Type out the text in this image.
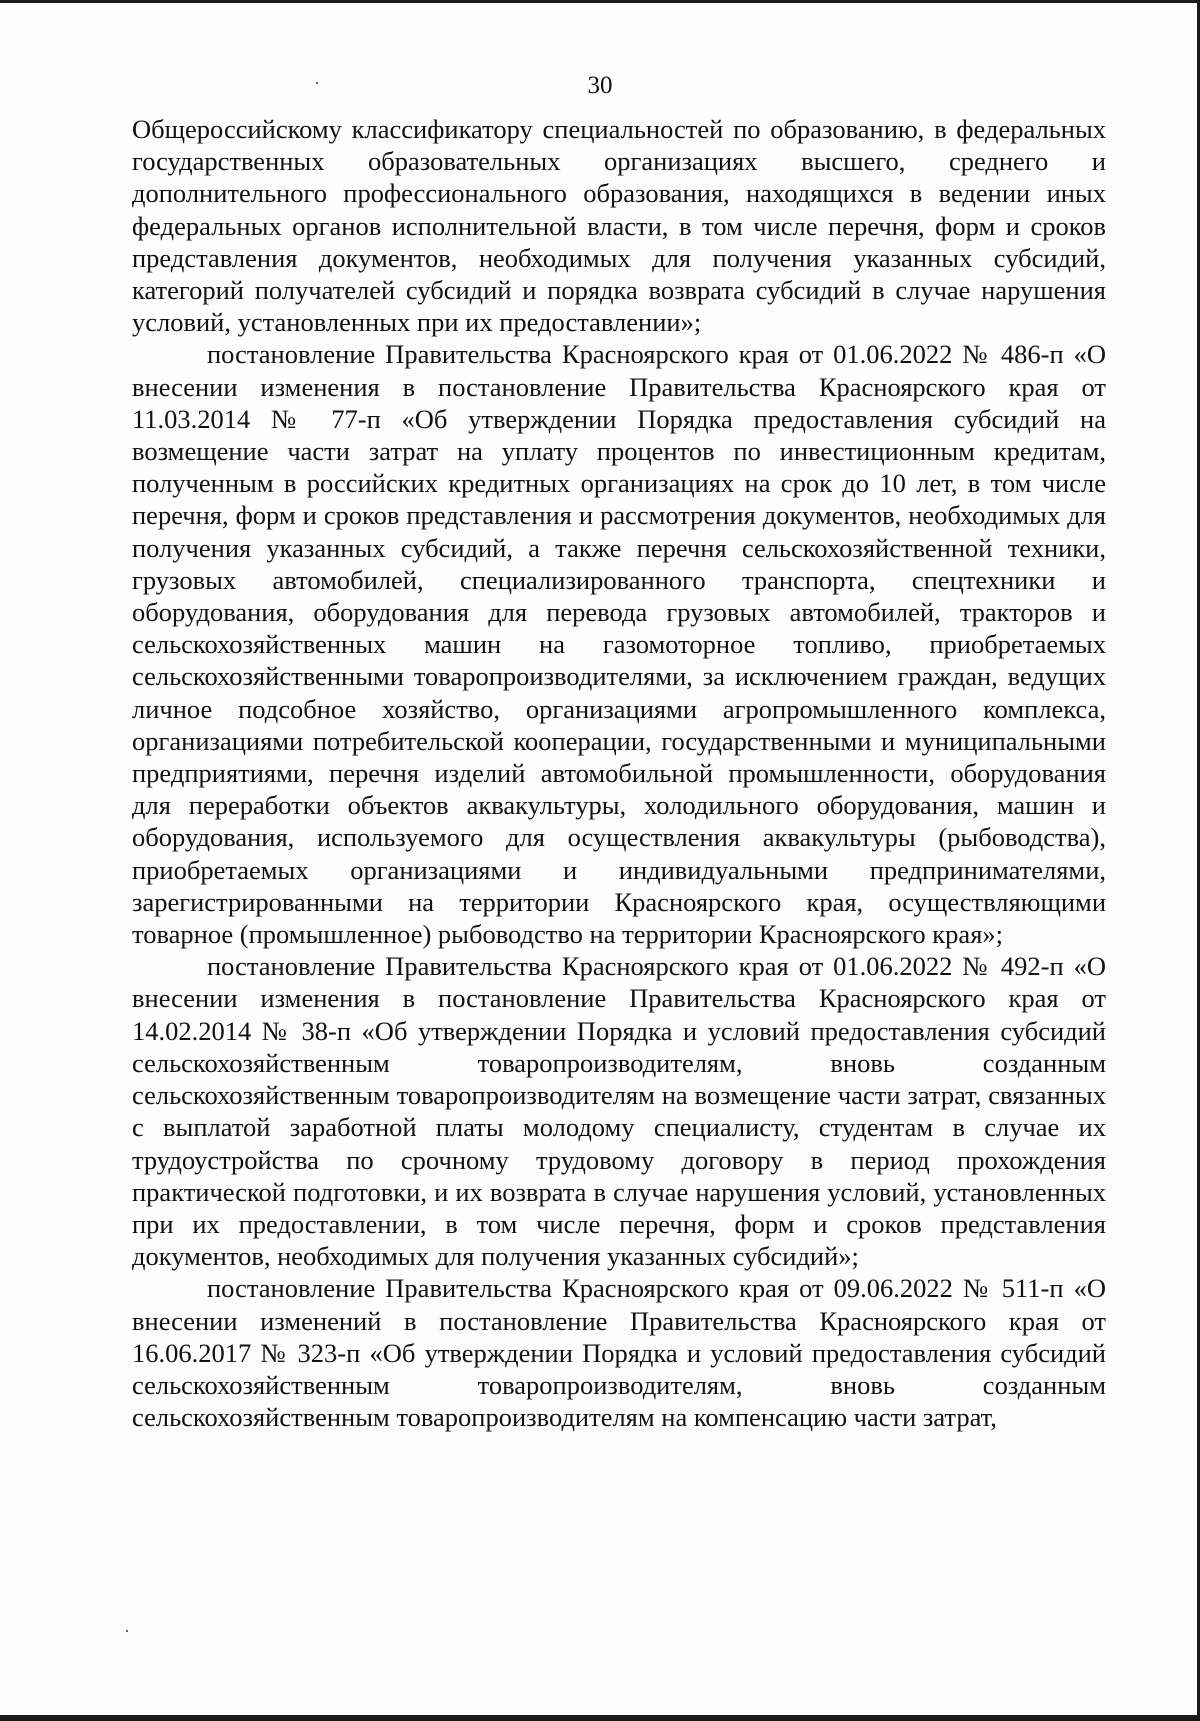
30

Общероссийскому классификатору специальностей по образованию, в федеральных государственных образовательных организациях высшего, среднего и дополнительного профессионального образования, находящихся в ведении иных федеральных органов исполнительной власти, в том числе перечня, форм и сроков представления документов, необходимых для получения указанных субсидий, категорий получателей субсидий и порядка возврата субсидий в случае нарушения условий, установленных при их предоставлении»;

постановление Правительства Красноярского края от 01.06.2022 № 486-п «О внесении изменения в постановление Правительства Красноярского края от 11.03.2014 № 77-п «Об утверждении Порядка предоставления субсидий на возмещение части затрат на уплату процентов по инвестиционным кредитам, полученным в российских кредитных организациях на срок до 10 лет, в том числе перечня, форм и сроков представления и рассмотрения документов, необходимых для получения указанных субсидий, а также перечня сельскохозяйственной техники, грузовых автомобилей, специализированного транспорта, спецтехники и оборудования, оборудования для перевода грузовых автомобилей, тракторов и сельскохозяйственных машин на газомоторное топливо, приобретаемых сельскохозяйственными товаропроизводителями, за исключением граждан, ведущих личное подсобное хозяйство, организациями агропромышленного комплекса, организациями потребительской кооперации, государственными и муниципальными предприятиями, перечня изделий автомобильной промышленности, оборудования для переработки объектов аквакультуры, холодильного оборудования, машин и оборудования, используемого для осуществления аквакультуры (рыбоводства), приобретаемых организациями и индивидуальными предпринимателями, зарегистрированными на территории Красноярского края, осуществляющими товарное (промышленное) рыбоводство на территории Красноярского края»;

постановление Правительства Красноярского края от 01.06.2022 № 492-п «О внесении изменения в постановление Правительства Красноярского края от 14.02.2014 № 38-п «Об утверждении Порядка и условий предоставления субсидий сельскохозяйственным товаропроизводителям, вновь созданным сельскохозяйственным товаропроизводителям на возмещение части затрат, связанных с выплатой заработной платы молодому специалисту, студентам в случае их трудоустройства по срочному трудовому договору в период прохождения практической подготовки, и их возврата в случае нарушения условий, установленных при их предоставлении, в том числе перечня, форм и сроков представления документов, необходимых для получения указанных субсидий»;

постановление Правительства Красноярского края от 09.06.2022 № 511-п «О внесении изменений в постановление Правительства Красноярского края от 16.06.2017 № 323-п «Об утверждении Порядка и условий предоставления субсидий сельскохозяйственным товаропроизводителям, вновь созданным сельскохозяйственным товаропроизводителям на компенсацию части затрат,
